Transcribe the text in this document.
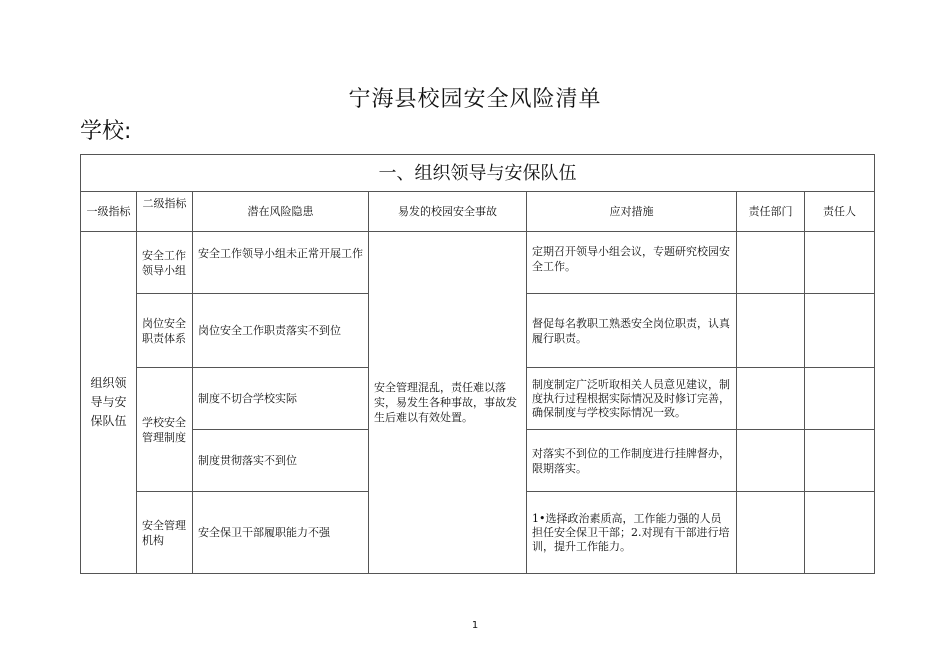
宁海县校园安全风险清单
学校:
一、组织领导与安保队伍						
一级指标	二级指标	潜在风险隐患	易发的校园安全事故	应对措施	责任部门	责任人
组织领导与安保队伍	安全工作领导小组	安全工作领导小组未正常开展工作	安全管理混乱，责任难以落实，易发生各种事故，事故发生后难以有效处置。	定期召开领导小组会议，专题研究校园安全工作。		
	岗位安全职责体系	岗位安全工作职责落实不到位		督促每名教职工熟悉安全岗位职责，认真履行职责。		
	学校安全管理制度	制度不切合学校实际		制度制定广泛听取相关人员意见建议，制度执行过程根据实际情况及时修订完善，确保制度与学校实际情况一致。		
		制度贯彻落实不到位		对落实不到位的工作制度进行挂牌督办，限期落实。		
	安全管理机构	安全保卫干部履职能力不强		1•选择政治素质高，工作能力强的人员担任安全保卫干部；2.对现有干部进行培训，提升工作能力。		
1
